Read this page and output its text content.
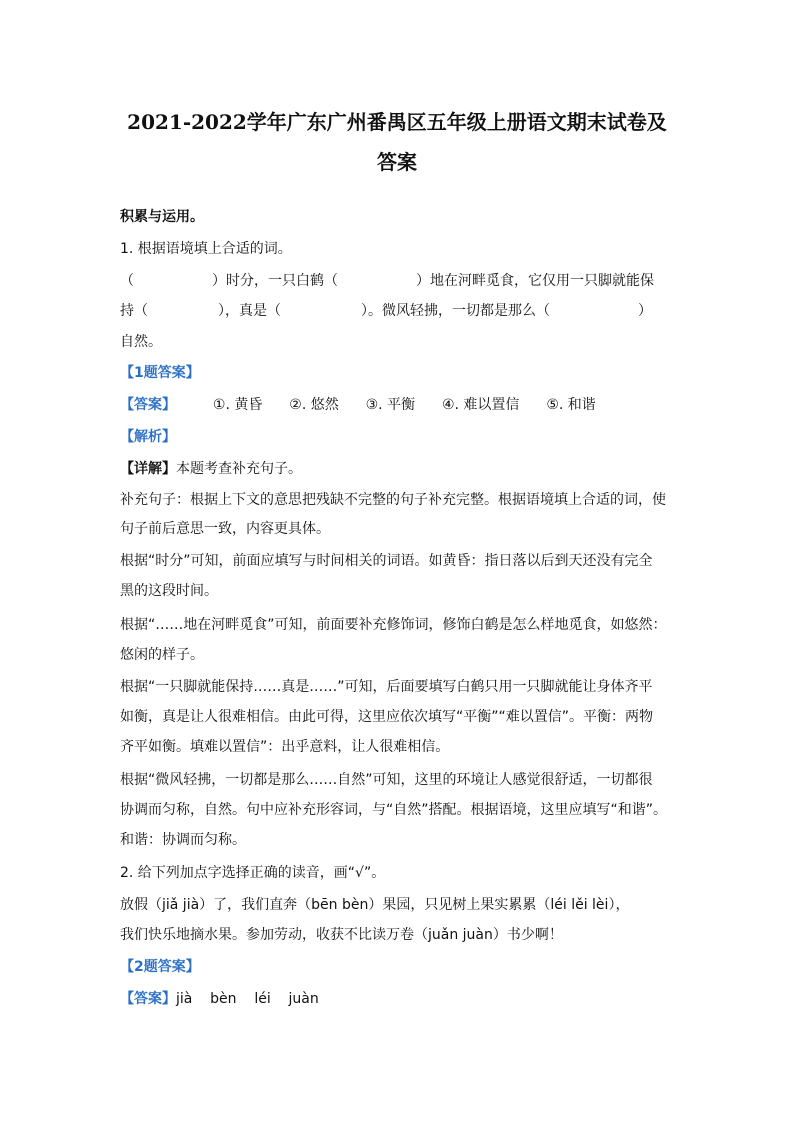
2021-2022学年广东广州番禺区五年级上册语文期末试卷及
答案
积累与运用。
1. 根据语境填上合适的词。
（	）时分，一只白鹤（	）地在河畔觅食，它仅用一只脚就能保
持（	），真是（	）。微风轻拂，一切都是那么（	）
自然。
【1题答案】
【答案】	①. 黄昏 ②. 悠然 ③. 平衡 ④. 难以置信 ⑤. 和谐
【解析】
【详解】本题考查补充句子。
补充句子：根据上下文的意思把残缺不完整的句子补充完整。根据语境填上合适的词，使
句子前后意思一致，内容更具体。
根据“时分”可知，前面应填写与时间相关的词语。如黄昏：指日落以后到天还没有完全
黑的这段时间。
根据“……地在河畔觅食”可知，前面要补充修饰词，修饰白鹤是怎么样地觅食，如悠然：
悠闲的样子。
根据“一只脚就能保持……真是……”可知，后面要填写白鹤只用一只脚就能让身体齐平
如衡，真是让人很难相信。由此可得，这里应依次填写“平衡”“难以置信”。平衡：两物
齐平如衡。填难以置信”：出乎意料，让人很难相信。
根据“微风轻拂，一切都是那么……自然”可知，这里的环境让人感觉很舒适，一切都很
协调而匀称，自然。句中应补充形容词，与“自然”搭配。根据语境，这里应填写“和谐”。
和谐：协调而匀称。
2. 给下列加点字选择正确的读音，画“√”。
放假（jiǎ jià）了，我们直奔（bēn bèn）果园，只见树上果实累累（léi lěi lèi），
我们快乐地摘水果。参加劳动，收获不比读万卷（juǎn juàn）书少啊！
【2题答案】
【答案】jià    bèn    léi    juàn
